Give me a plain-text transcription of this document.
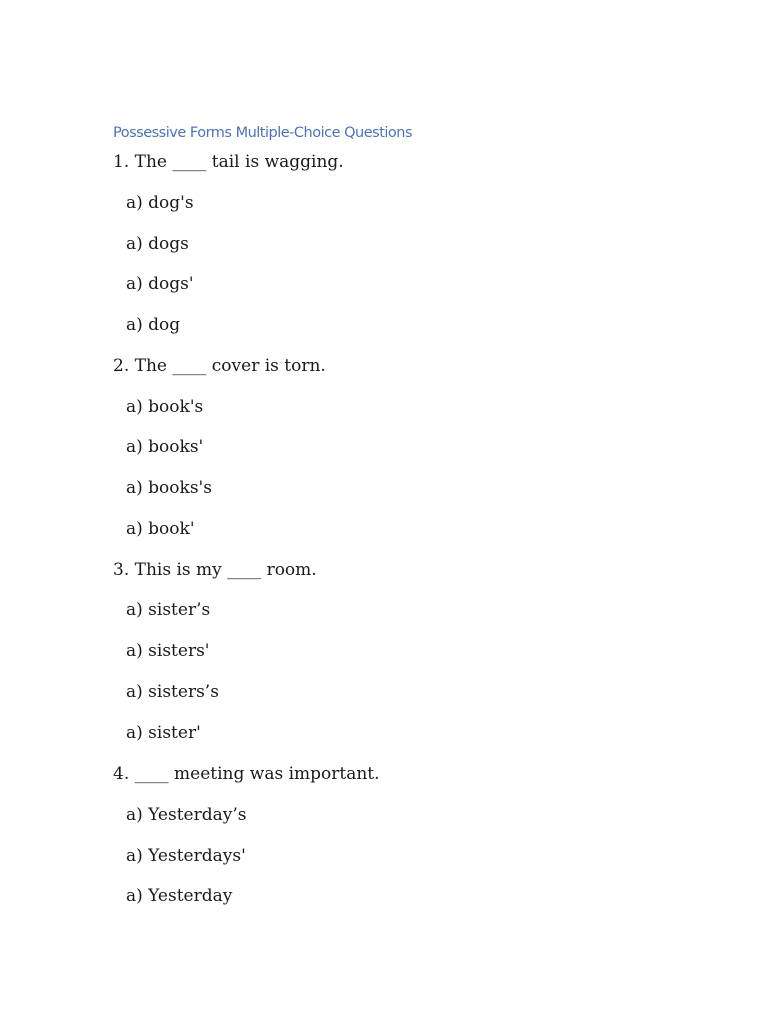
Possessive Forms Multiple-Choice Questions
1. The ____ tail is wagging.
a) dog's
a) dogs
a) dogs'
a) dog
2. The ____ cover is torn.
a) book's
a) books'
a) books's
a) book'
3. This is my ____ room.
a) sister’s
a) sisters'
a) sisters’s
a) sister'
4. ____ meeting was important.
a) Yesterday’s
a) Yesterdays'
a) Yesterday
